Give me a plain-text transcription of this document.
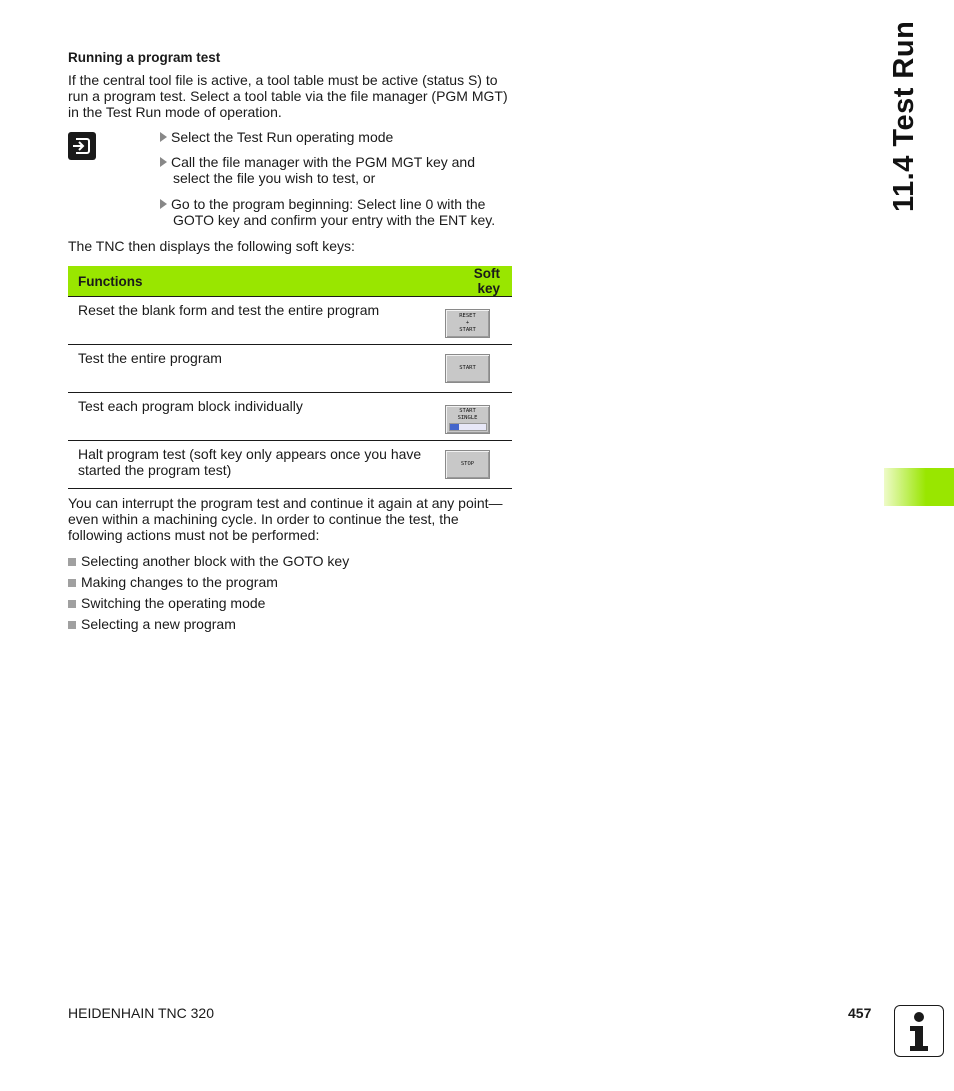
Running a program test
If the central tool file is active, a tool table must be active (status S) to
run a program test. Select a tool table via the file manager (PGM MGT)
in the Test Run mode of operation.
Select the Test Run operating mode
Call the file manager with the PGM MGT key and
select the file you wish to test, or
Go to the program beginning: Select line 0 with the
GOTO key and confirm your entry with the ENT key.
The TNC then displays the following soft keys:
Functions	Soft key

Reset the blank form and test the entire program	RESET
+
START

Test the entire program	START

Test each program block individually	START
SINGLE

Halt program test (soft key only appears once you have
started the program test)	STOP
You can interrupt the program test and continue it again at any point—
even within a machining cycle. In order to continue the test, the
following actions must not be performed:
Selecting another block with the GOTO key
Making changes to the program
Switching the operating mode
Selecting a new program
11.4 Test Run
HEIDENHAIN TNC 320	457
